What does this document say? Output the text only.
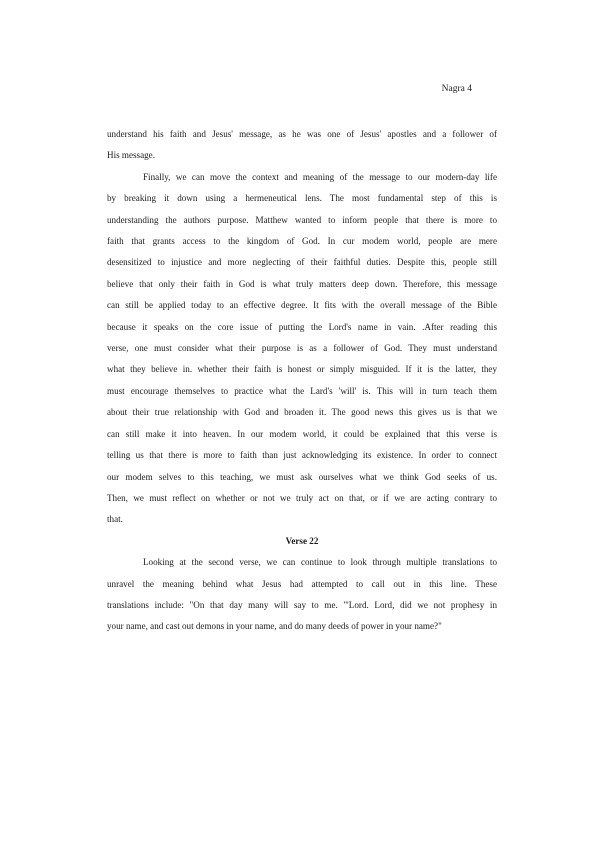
Nagra 4

understand his faith and Jesus' message, as he was one of Jesus' apostles and a follower of
His message.

Finally, we can move the context and meaning of the message to our modern-day life
by breaking it down using a hermeneutical lens. The most fundamental step of this is
understanding the authors purpose. Matthew wanted to inform people that there is more to
faith that grants access to the kingdom of God. In cur modem world, people are mere
desensitized to injustice and more neglecting of their faithful duties. Despite this, people still
believe that only their faith in God is what truly matters deep down. Therefore, this message
can still be applied today to an effective degree. It fits with the overall message of the Bible
because it speaks on the core issue of putting the Lord's name in vain. .After reading this
verse, one must consider what their purpose is as a follower of God. They must understand
what they believe in. whether their faith is honest or simply misguided. If it is the latter, they
must encourage themselves to practice what the Lard's 'will' is. This will in turn teach them
about their true relationship with God and broaden it. The good news this gives us is that we
can still make it into heaven. In our modem world, it could be explained that this verse is
telling us that there is more to faith than just acknowledging its existence. In order to connect
our modem selves to this teaching, we must ask ourselves what we think God seeks of us.
Then, we must reflect on whether or not we truly act on that, or if we are acting contrary to
that.

Verse 22

Looking at the second verse, we can continue to look through multiple translations to
unravel the meaning behind what Jesus had attempted to call out in this line. These
translations include: "On that day many will say to me. '"Lord. Lord, did we not prophesy in
your name, and cast out demons in your name, and do many deeds of power in your name?"
